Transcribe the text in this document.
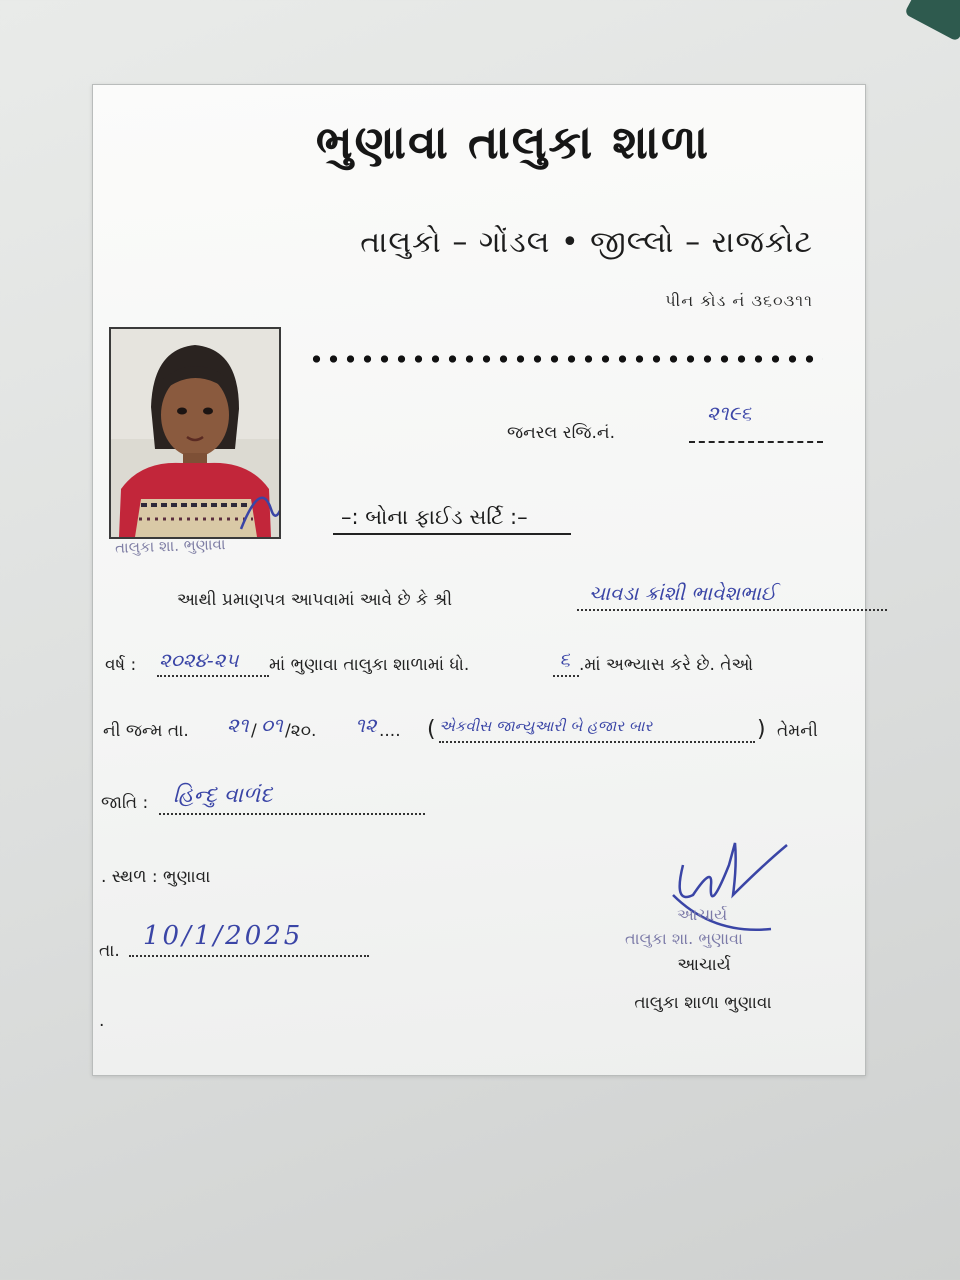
ભુણાવા તાલુકા શાળા
તાલુકો – ગોંડલ • જીલ્લો – રાજકોટ
પીન કોડ નં ૩૬૦૩૧૧
તાલુકા શા. ભુણાવા
જનરલ રજિ.નં.
૨૧૯૬
–: બોના ફાઈડ સર્ટિ :–
આથી પ્રમાણપત્ર આપવામાં આવે છે કે શ્રી	ચાવડા ક્રાંશી ભાવેશભાઈ
વર્ષ : ૨૦૨૪-૨૫ માં ભુણાવા તાલુકા શાળામાં ધો.	૬ .માં અભ્યાસ કરે છે. તેઓ
ની જન્મ તા. ૨૧ / ૦૧ /૨૦. ૧૨ .... ( એકવીસ જાન્યુઆરી બે હજાર બાર	) તેમની
જાતિ : હિન્દુ વાળંદ
. સ્થળ : ભુણાવા
તા. 10/1/2025
.
આચાર્ય
તાલુકા શા. ભુણાવા
આચાર્ય
તાલુકા શાળા ભુણાવા
